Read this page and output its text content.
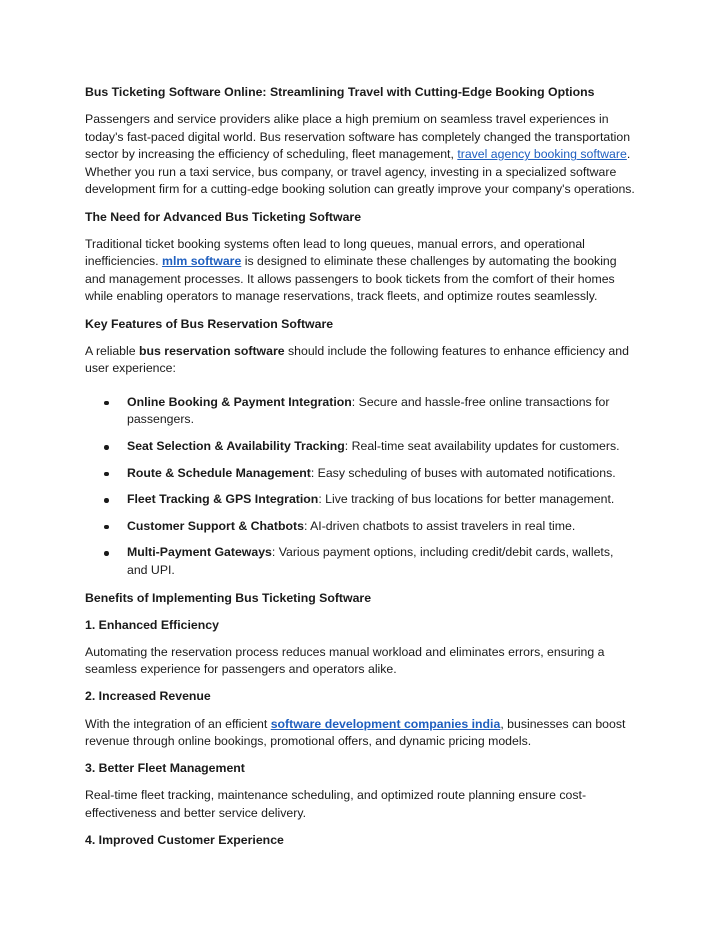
Bus Ticketing Software Online: Streamlining Travel with Cutting-Edge Booking Options

Passengers and service providers alike place a high premium on seamless travel experiences in today's fast-paced digital world. Bus reservation software has completely changed the transportation sector by increasing the efficiency of scheduling, fleet management, travel agency booking software. Whether you run a taxi service, bus company, or travel agency, investing in a specialized software development firm for a cutting-edge booking solution can greatly improve your company's operations.

The Need for Advanced Bus Ticketing Software

Traditional ticket booking systems often lead to long queues, manual errors, and operational inefficiencies. mlm software is designed to eliminate these challenges by automating the booking and management processes. It allows passengers to book tickets from the comfort of their homes while enabling operators to manage reservations, track fleets, and optimize routes seamlessly.

Key Features of Bus Reservation Software

A reliable bus reservation software should include the following features to enhance efficiency and user experience:

Online Booking & Payment Integration: Secure and hassle-free online transactions for passengers.
Seat Selection & Availability Tracking: Real-time seat availability updates for customers.
Route & Schedule Management: Easy scheduling of buses with automated notifications.
Fleet Tracking & GPS Integration: Live tracking of bus locations for better management.
Customer Support & Chatbots: AI-driven chatbots to assist travelers in real time.
Multi-Payment Gateways: Various payment options, including credit/debit cards, wallets, and UPI.

Benefits of Implementing Bus Ticketing Software

1. Enhanced Efficiency

Automating the reservation process reduces manual workload and eliminates errors, ensuring a seamless experience for passengers and operators alike.

2. Increased Revenue

With the integration of an efficient software development companies india, businesses can boost revenue through online bookings, promotional offers, and dynamic pricing models.

3. Better Fleet Management

Real-time fleet tracking, maintenance scheduling, and optimized route planning ensure cost-effectiveness and better service delivery.

4. Improved Customer Experience
